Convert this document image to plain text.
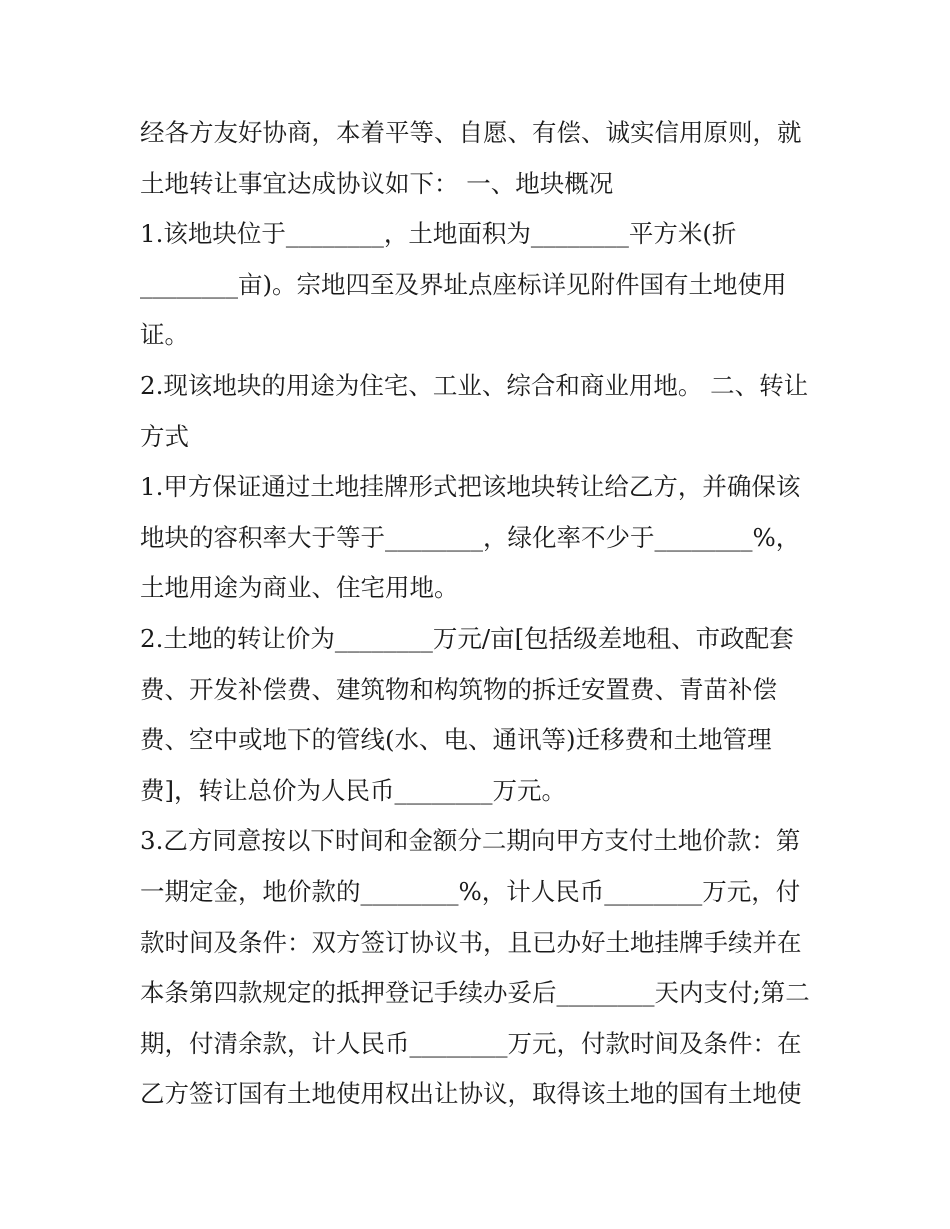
经各方友好协商，本着平等、自愿、有偿、诚实信用原则，就
土地转让事宜达成协议如下： 一、地块概况
1.该地块位于________，土地面积为________平方米(折
________亩)。宗地四至及界址点座标详见附件国有土地使用
证。
2.现该地块的用途为住宅、工业、综合和商业用地。 二、转让
方式
1.甲方保证通过土地挂牌形式把该地块转让给乙方，并确保该
地块的容积率大于等于________，绿化率不少于________%，
土地用途为商业、住宅用地。
2.土地的转让价为________万元/亩[包括级差地租、市政配套
费、开发补偿费、建筑物和构筑物的拆迁安置费、青苗补偿
费、空中或地下的管线(水、电、通讯等)迁移费和土地管理
费]，转让总价为人民币________万元。
3.乙方同意按以下时间和金额分二期向甲方支付土地价款：第
一期定金，地价款的________%，计人民币________万元，付
款时间及条件：双方签订协议书，且已办好土地挂牌手续并在
本条第四款规定的抵押登记手续办妥后________天内支付;第二
期，付清余款，计人民币________万元，付款时间及条件：在
乙方签订国有土地使用权出让协议，取得该土地的国有土地使
